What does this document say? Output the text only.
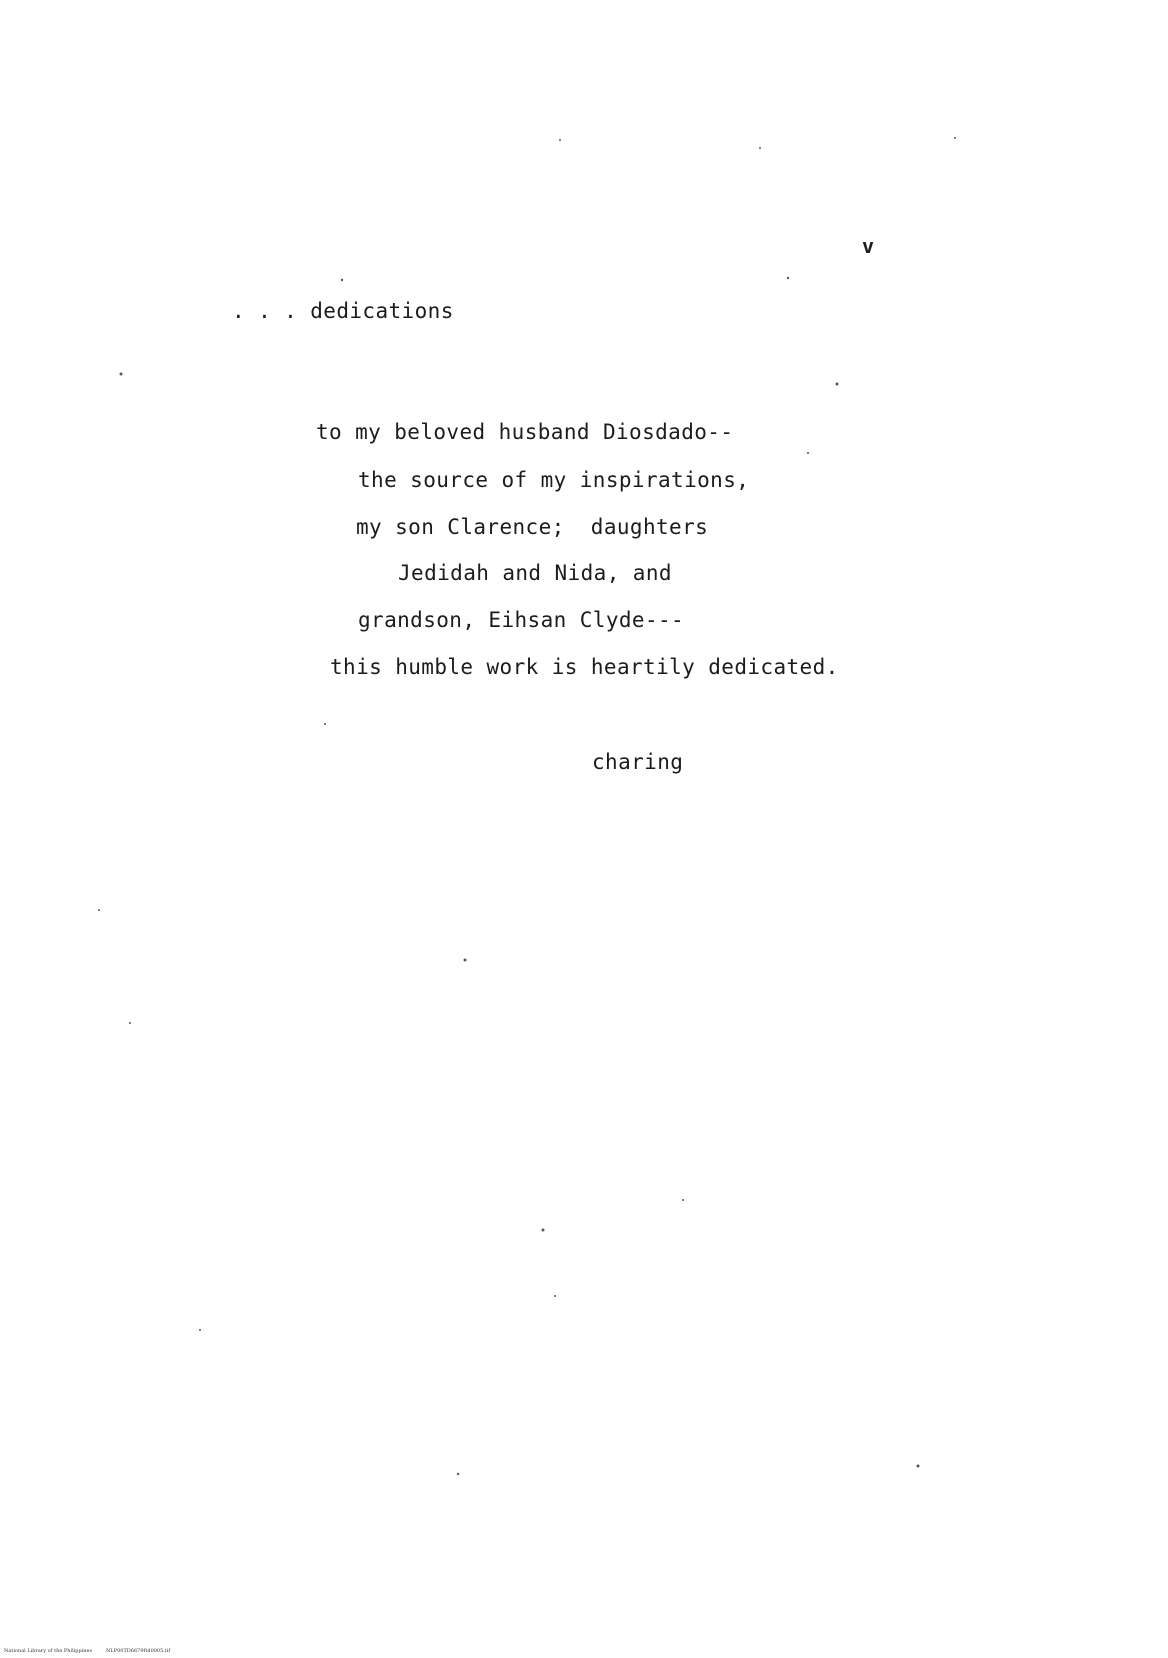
v
. . . dedications
to my beloved husband Diosdado--
the source of my inspirations,
my son Clarence;  daughters
Jedidah and Nida, and
grandson, Eihsan Clyde---
this humble work is heartily dedicated.
charing
National Library of the Philippines	NLP00TD6679ftd0005.tif
